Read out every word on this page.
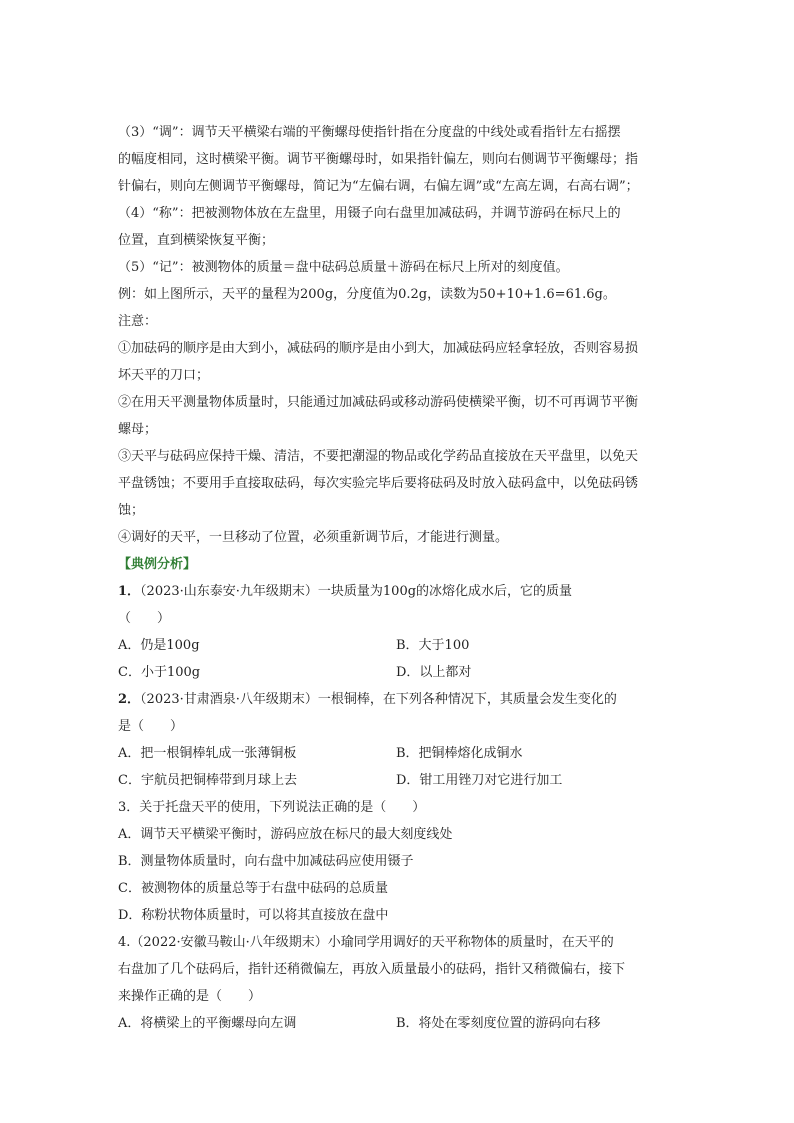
（3）“调”：调节天平横梁右端的平衡螺母使指针指在分度盘的中线处或看指针左右摇摆

的幅度相同，这时横梁平衡。调节平衡螺母时，如果指针偏左，则向右侧调节平衡螺母；指

针偏右，则向左侧调节平衡螺母，简记为“左偏右调，右偏左调”或“左高左调，右高右调”；

（4）“称”：把被测物体放在左盘里，用镊子向右盘里加减砝码，并调节游码在标尺上的

位置，直到横梁恢复平衡；

（5）“记”：被测物体的质量＝盘中砝码总质量＋游码在标尺上所对的刻度值。

例：如上图所示，天平的量程为200g，分度值为0.2g，读数为50+10+1.6=61.6g。

注意：

①加砝码的顺序是由大到小，减砝码的顺序是由小到大，加减砝码应轻拿轻放，否则容易损

坏天平的刀口；

②在用天平测量物体质量时，只能通过加减砝码或移动游码使横梁平衡，切不可再调节平衡

螺母；

③天平与砝码应保持干燥、清洁，不要把潮湿的物品或化学药品直接放在天平盘里，以免天

平盘锈蚀；不要用手直接取砝码，每次实验完毕后要将砝码及时放入砝码盒中，以免砝码锈

蚀；

④调好的天平，一旦移动了位置，必须重新调节后，才能进行测量。

【典例分析】

1．（2023·山东泰安·九年级期末）一块质量为100g的冰熔化成水后，它的质量

（　　）

A．仍是100g	B．大于100
C．小于100g	D．以上都对

2．（2023·甘肃酒泉·八年级期末）一根铜棒，在下列各种情况下，其质量会发生变化的

是（　　）

A．把一根铜棒轧成一张薄铜板	B．把铜棒熔化成铜水
C．宇航员把铜棒带到月球上去	D．钳工用锉刀对它进行加工

3．关于托盘天平的使用，下列说法正确的是（　　）

A．调节天平横梁平衡时，游码应放在标尺的最大刻度线处

B．测量物体质量时，向右盘中加减砝码应使用镊子

C．被测物体的质量总等于右盘中砝码的总质量

D．称粉状物体质量时，可以将其直接放在盘中

4.（2022·安徽马鞍山·八年级期末）小瑜同学用调好的天平称物体的质量时，在天平的

右盘加了几个砝码后，指针还稍微偏左，再放入质量最小的砝码，指针又稍微偏右，接下

来操作正确的是（　　）

A．将横梁上的平衡螺母向左调	B．将处在零刻度位置的游码向右移
